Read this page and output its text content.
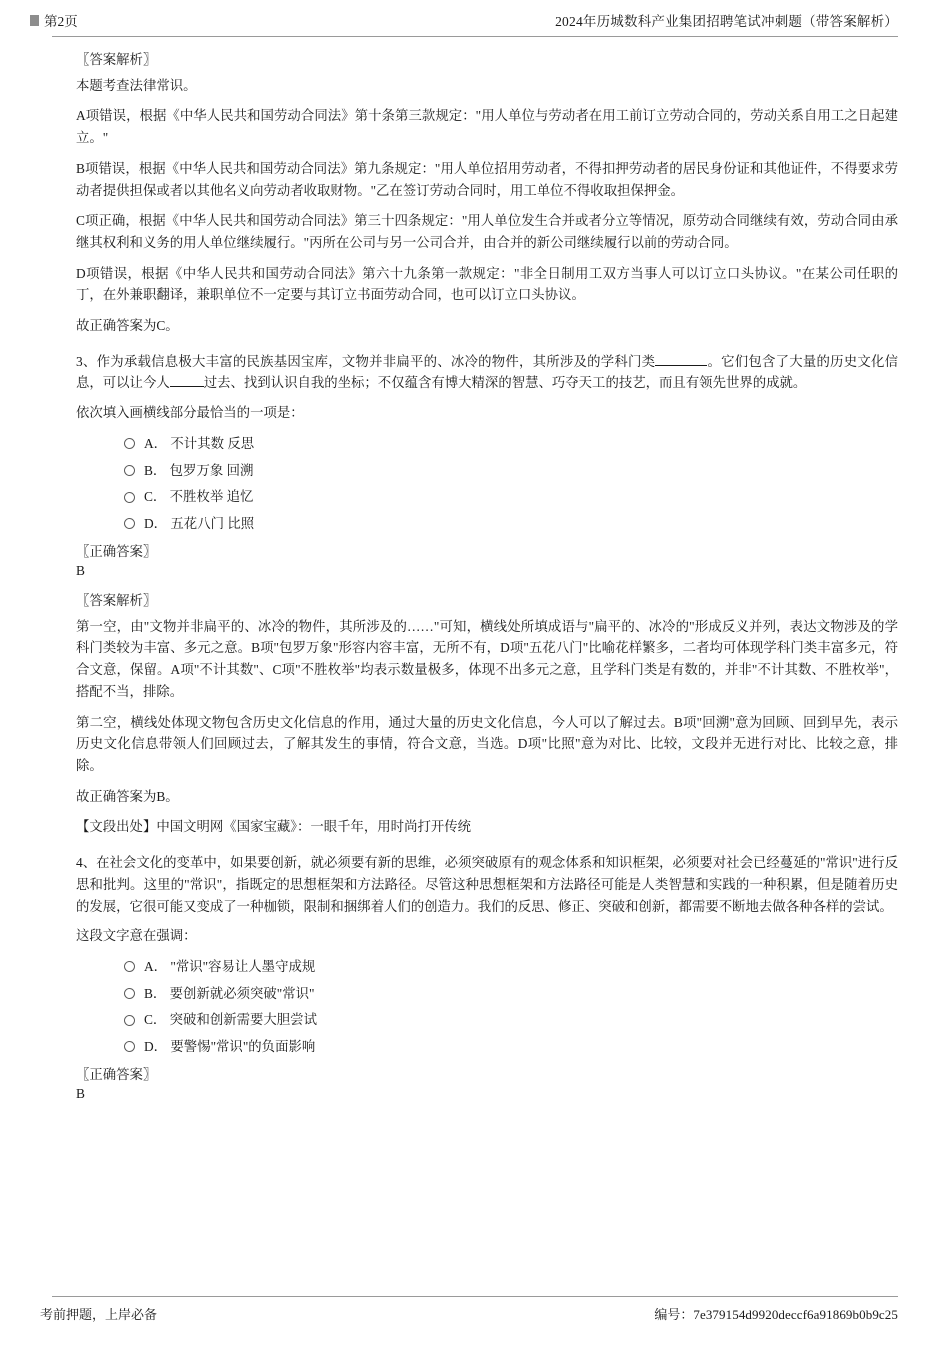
第2页	2024年历城数科产业集团招聘笔试冲刺题（带答案解析）
〖答案解析〗
本题考查法律常识。
A项错误，根据《中华人民共和国劳动合同法》第十条第三款规定："用人单位与劳动者在用工前订立劳动合同的，劳动关系自用工之日起建立。"
B项错误，根据《中华人民共和国劳动合同法》第九条规定："用人单位招用劳动者，不得扣押劳动者的居民身份证和其他证件，不得要求劳动者提供担保或者以其他名义向劳动者收取财物。"乙在签订劳动合同时，用工单位不得收取担保押金。
C项正确，根据《中华人民共和国劳动合同法》第三十四条规定："用人单位发生合并或者分立等情况，原劳动合同继续有效，劳动合同由承继其权利和义务的用人单位继续履行。"丙所在公司与另一公司合并，由合并的新公司继续履行以前的劳动合同。
D项错误，根据《中华人民共和国劳动合同法》第六十九条第一款规定："非全日制用工双方当事人可以订立口头协议。"在某公司任职的丁，在外兼职翻译，兼职单位不一定要与其订立书面劳动合同，也可以订立口头协议。
故正确答案为C。
3、作为承载信息极大丰富的民族基因宝库，文物并非扁平的、冰冷的物件，其所涉及的学科门类	。它们包含了大量的历史文化信息，可以让今人	过去、找到认识自我的坐标；不仅蕴含有博大精深的智慧、巧夺天工的技艺，而且有领先世界的成就。
依次填入画横线部分最恰当的一项是：
A． 不计其数 反思
B． 包罗万象 回溯
C． 不胜枚举 追忆
D． 五花八门 比照
〖正确答案〗
B
〖答案解析〗
第一空，由"文物并非扁平的、冰冷的物件，其所涉及的……"可知，横线处所填成语与"扁平的、冰冷的"形成反义并列，表达文物涉及的学科门类较为丰富、多元之意。B项"包罗万象"形容内容丰富，无所不有，D项"五花八门"比喻花样繁多，二者均可体现学科门类丰富多元，符合文意，保留。A项"不计其数"、C项"不胜枚举"均表示数量极多，体现不出多元之意，且学科门类是有数的，并非"不计其数、不胜枚举"，搭配不当，排除。
第二空，横线处体现文物包含历史文化信息的作用，通过大量的历史文化信息，今人可以了解过去。B项"回溯"意为回顾、回到早先，表示历史文化信息带领人们回顾过去，了解其发生的事情，符合文意，当选。D项"比照"意为对比、比较，文段并无进行对比、比较之意，排除。
故正确答案为B。
【文段出处】中国文明网《国家宝藏》：一眼千年，用时尚打开传统
4、在社会文化的变革中，如果要创新，就必须要有新的思维，必须突破原有的观念体系和知识框架，必须要对社会已经蔓延的"常识"进行反思和批判。这里的"常识"，指既定的思想框架和方法路径。尽管这种思想框架和方法路径可能是人类智慧和实践的一种积累，但是随着历史的发展，它很可能又变成了一种枷锁，限制和捆绑着人们的创造力。我们的反思、修正、突破和创新，都需要不断地去做各种各样的尝试。
这段文字意在强调：
A． "常识"容易让人墨守成规
B． 要创新就必须突破"常识"
C． 突破和创新需要大胆尝试
D． 要警惕"常识"的负面影响
〖正确答案〗
B
考前押题，上岸必备	编号：7e379154d9920deccf6a91869b0b9c25
